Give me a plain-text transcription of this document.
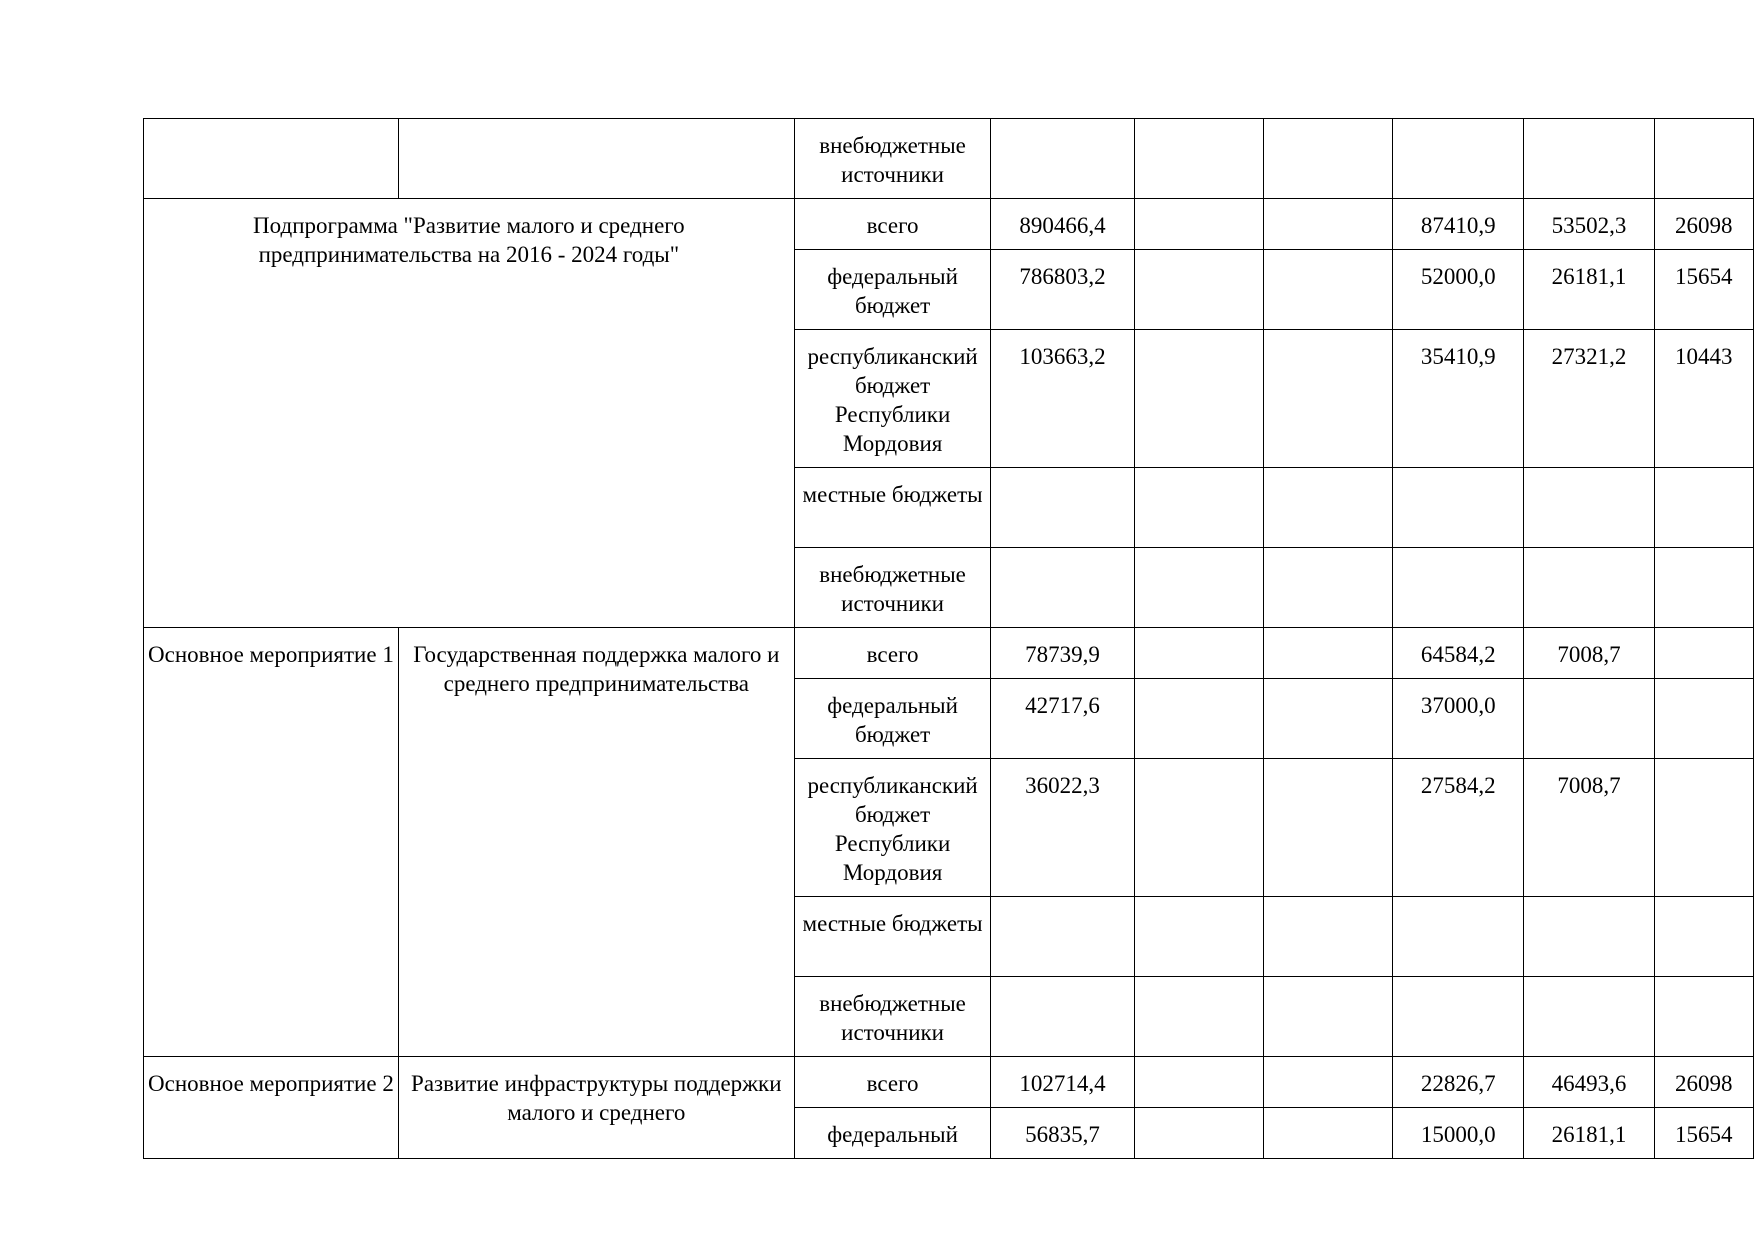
		внебюджетные источники						
Подпрограмма "Развитие малого и среднего предпринимательства на 2016 - 2024 годы"		всего	890466,4			87410,9	53502,3	26098
		федеральный бюджет	786803,2			52000,0	26181,1	15654
		республиканский бюджет Республики Мордовия	103663,2			35410,9	27321,2	10443
		местные бюджеты						
		внебюджетные источники						
Основное мероприятие 1	Государственная поддержка малого и среднего предпринимательства	всего	78739,9			64584,2	7008,7	
		федеральный бюджет	42717,6			37000,0		
		республиканский бюджет Республики Мордовия	36022,3			27584,2	7008,7	
		местные бюджеты						
		внебюджетные источники						
Основное мероприятие 2	Развитие инфраструктуры поддержки малого и среднего	всего	102714,4			22826,7	46493,6	26098
		федеральный	56835,7			15000,0	26181,1	15654
